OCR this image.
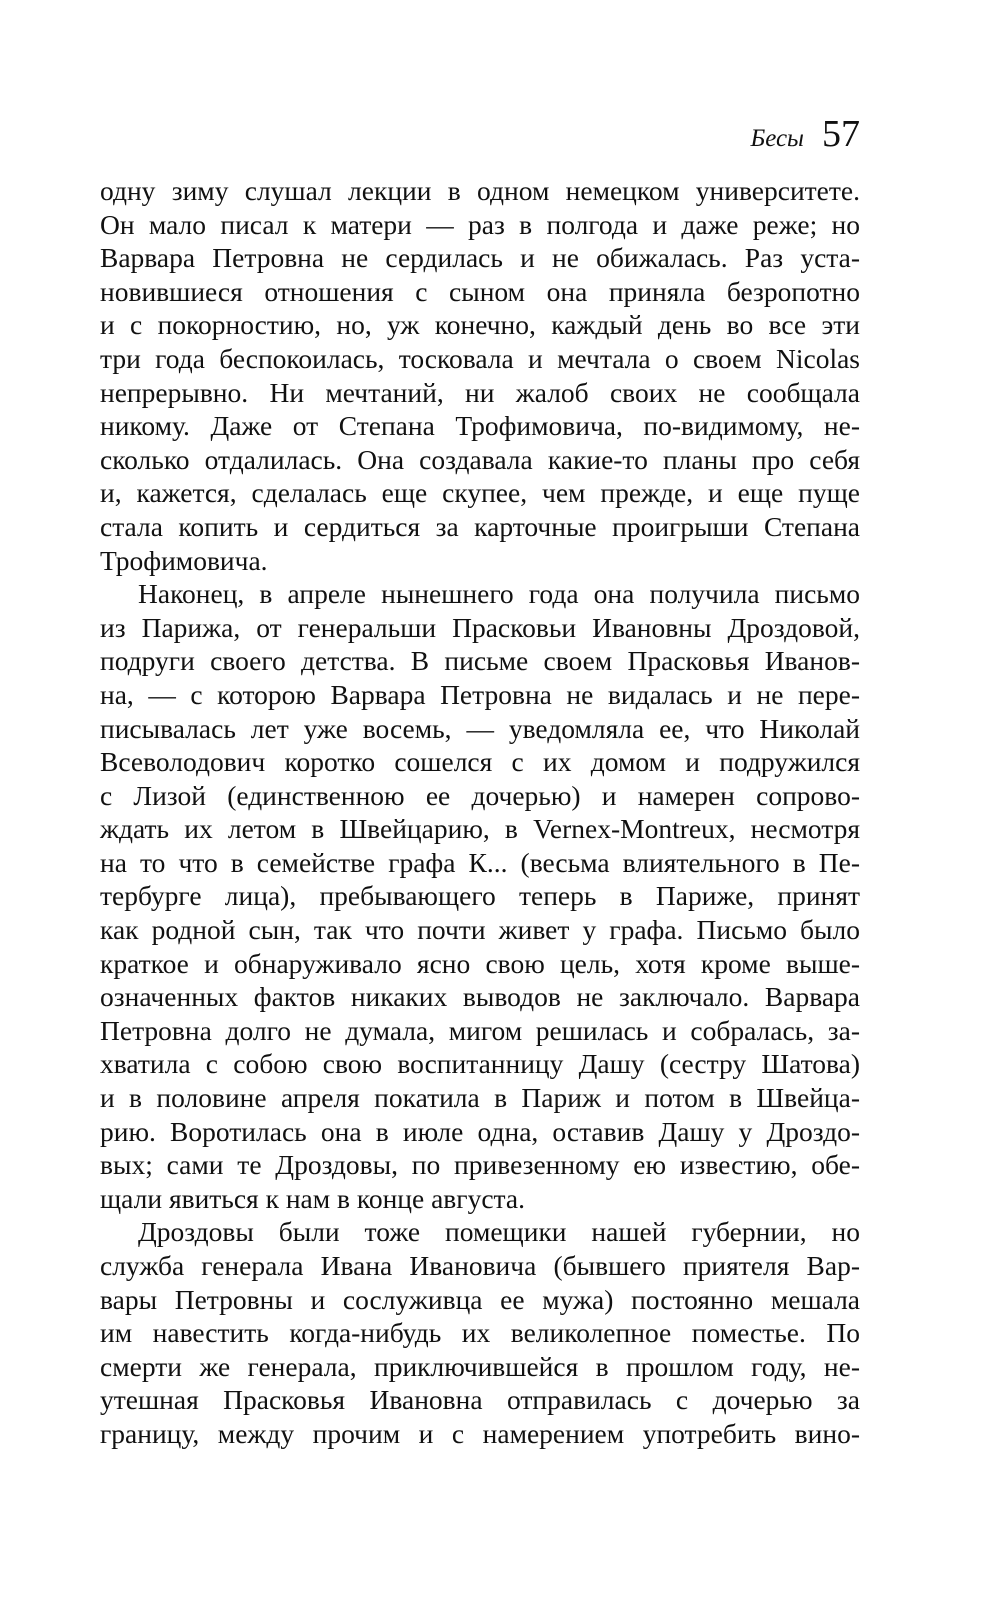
Бесы 57
одну зиму слушал лекции в одном немецком университете.
Он мало писал к матери — раз в полгода и даже реже; но
Варвара Петровна не сердилась и не обижалась. Раз уста-
новившиеся отношения с сыном она приняла безропотно
и с покорностию, но, уж конечно, каждый день во все эти
три года беспокоилась, тосковала и мечтала о своем Nicolas
непрерывно. Ни мечтаний, ни жалоб своих не сообщала
никому. Даже от Степана Трофимовича, по-видимому, не-
сколько отдалилась. Она создавала какие-то планы про себя
и, кажется, сделалась еще скупее, чем прежде, и еще пуще
стала копить и сердиться за карточные проигрыши Степана
Трофимовича.
Наконец, в апреле нынешнего года она получила письмо
из Парижа, от генеральши Прасковьи Ивановны Дроздовой,
подруги своего детства. В письме своем Прасковья Иванов-
на, — с которою Варвара Петровна не видалась и не пере-
писывалась лет уже восемь, — уведомляла ее, что Николай
Всеволодович коротко сошелся с их домом и подружился
с Лизой (единственною ее дочерью) и намерен сопрово-
ждать их летом в Швейцарию, в Vernex-Montreux, несмотря
на то что в семействе графа К... (весьма влиятельного в Пе-
тербурге лица), пребывающего теперь в Париже, принят
как родной сын, так что почти живет у графа. Письмо было
краткое и обнаруживало ясно свою цель, хотя кроме выше-
означенных фактов никаких выводов не заключало. Варвара
Петровна долго не думала, мигом решилась и собралась, за-
хватила с собою свою воспитанницу Дашу (сестру Шатова)
и в половине апреля покатила в Париж и потом в Швейца-
рию. Воротилась она в июле одна, оставив Дашу у Дроздо-
вых; сами те Дроздовы, по привезенному ею известию, обе-
щали явиться к нам в конце августа.
Дроздовы были тоже помещики нашей губернии, но
служба генерала Ивана Ивановича (бывшего приятеля Вар-
вары Петровны и сослуживца ее мужа) постоянно мешала
им навестить когда-нибудь их великолепное поместье. По
смерти же генерала, приключившейся в прошлом году, не-
утешная Прасковья Ивановна отправилась с дочерью за
границу, между прочим и с намерением употребить вино-
